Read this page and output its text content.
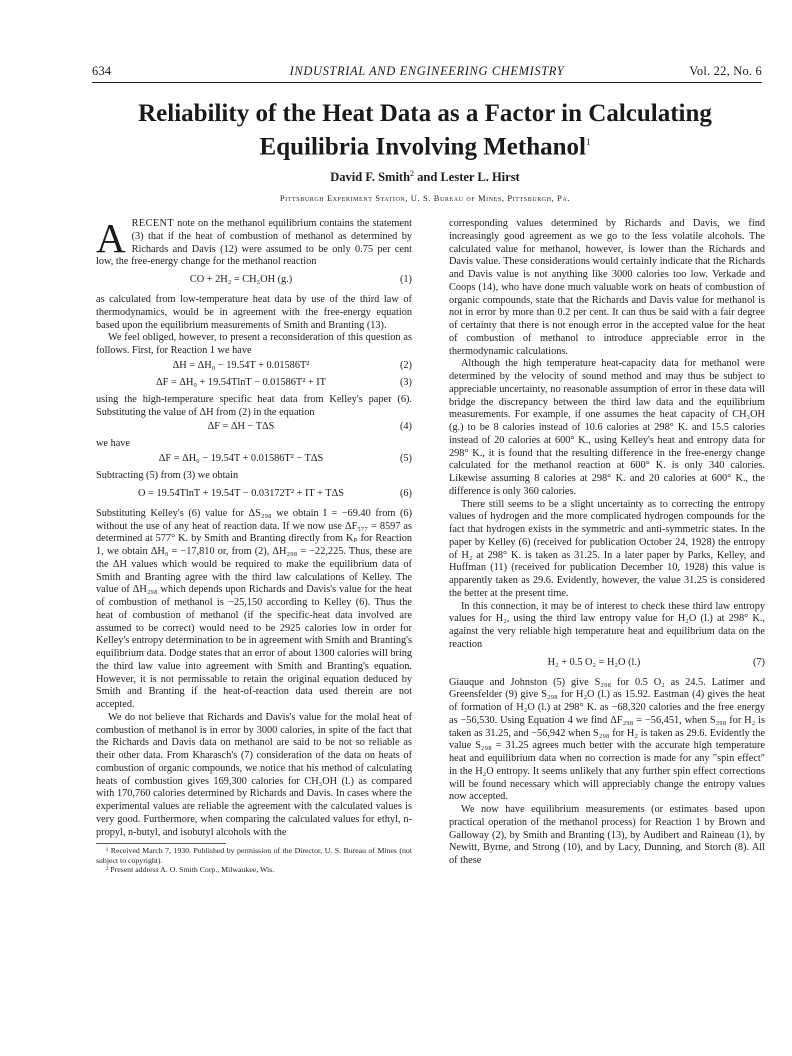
634	INDUSTRIAL AND ENGINEERING CHEMISTRY	Vol. 22, No. 6
Reliability of the Heat Data as a Factor in Calculating
Equilibria Involving Methanol$^1$
David F. Smith$^2$ and Lester L. Hirst
Pittsburgh Experiment Station, U. S. Bureau of Mines, Pittsburgh, Pa.

ARECENT note on the methanol equilibrium contains the statement (3) that if the heat of combustion of methanol as determined by Richards and Davis (12) were assumed to be only 0.75 per cent low, the free-energy change for the methanol reaction

CO + 2H₂ = CH₃OH (g.)	(1)

as calculated from low-temperature heat data by use of the third law of thermodynamics, would be in agreement with the free-energy equation based upon the equilibrium measurements of Smith and Branting (13).

We feel obliged, however, to present a reconsideration of this question as follows. First, for Reaction 1 we have

ΔH = ΔH₀ − 19.54T + 0.01586T²	(2)
ΔF = ΔH₀ + 19.54TlnT − 0.01586T² + IT	(3)

using the high-temperature specific heat data from Kelley's paper (6). Substituting the value of ΔH from (2) in the equation

ΔF = ΔH − TΔS	(4)

we have

ΔF = ΔH₀ − 19.54T + 0.01586T² − TΔS	(5)

Subtracting (5) from (3) we obtain

O = 19.54TlnT + 19.54T − 0.03172T² + IT + TΔS	(6)

Substituting Kelley's (6) value for ΔS₂₉₈ we obtain I = −69.40 from (6) without the use of any heat of reaction data. If we now use ΔF₅₇₇ = 8597 as determined at 577° K. by Smith and Branting directly from Kₚ for Reaction 1, we obtain ΔH₀ = −17,810 or, from (2), ΔH₂₉₈ = −22,225. Thus, these are the ΔH values which would be required to make the equilibrium data of Smith and Branting agree with the third law calculations of Kelley. The value of ΔH₂₉₈ which depends upon Richards and Davis's value for the heat of combustion of methanol is −25,150 according to Kelley (6). Thus the heat of combustion of methanol (if the specific-heat data involved are assumed to be correct) would need to be 2925 calories low in order for Kelley's entropy determination to be in agreement with Smith and Branting's equilibrium data. Dodge states that an error of about 1300 calories will bring the third law value into agreement with Smith and Branting's equation. However, it is not permissable to retain the original equation deduced by Smith and Branting if the heat-of-reaction data used therein are not accepted.

We do not believe that Richards and Davis's value for the molal heat of combustion of methanol is in error by 3000 calories, in spite of the fact that the Richards and Davis data on methanol are said to be not so reliable as their other data. From Kharasch's (7) consideration of the data on heats of combustion of organic compounds, we notice that his method of calculating heats of combustion gives 169,300 calories for CH₃OH (l.) as compared with 170,760 calories determined by Richards and Davis. In cases where the experimental values are reliable the agreement with the calculated values is very good. Furthermore, when comparing the calculated values for ethyl, n-propyl, n-butyl, and isobutyl alcohols with the

¹ Received March 7, 1930. Published by permission of the Director, U. S. Bureau of Mines (not subject to copyright).
² Present address A. O. Smith Corp., Milwaukee, Wis.

corresponding values determined by Richards and Davis, we find increasingly good agreement as we go to the less volatile alcohols. The calculated value for methanol, however, is lower than the Richards and Davis value. These considerations would certainly indicate that the Richards and Davis value is not anything like 3000 calories too low. Verkade and Coops (14), who have done much valuable work on heats of combustion of organic compounds, state that the Richards and Davis value for methanol is not in error by more than 0.2 per cent. It can thus be said with a fair degree of certainty that there is not enough error in the accepted value for the heat of combustion of methanol to introduce appreciable error in the thermodynamic calculations.

Although the high temperature heat-capacity data for methanol were determined by the velocity of sound method and may thus be subject to appreciable uncertainty, no reasonable assumption of error in these data will bridge the discrepancy between the third law data and the equilibrium measurements. For example, if one assumes the heat capacity of CH₃OH (g.) to be 8 calories instead of 10.6 calories at 298° K. and 15.5 calories instead of 20 calories at 600° K., using Kelley's heat and entropy data for 298° K., it is found that the resulting difference in the free-energy change calculated for the methanol reaction at 600° K. is only 340 calories. Likewise assuming 8 calories at 298° K. and 20 calories at 600° K., the difference is only 360 calories.

There still seems to be a slight uncertainty as to correcting the entropy values of hydrogen and the more complicated hydrogen compounds for the fact that hydrogen exists in the symmetric and anti-symmetric states. In the paper by Kelley (6) (received for publication October 24, 1928) the entropy of H₂ at 298° K. is taken as 31.25. In a later paper by Parks, Kelley, and Huffman (11) (received for publication December 10, 1928) this value is apparently taken as 29.6. Evidently, however, the value 31.25 is considered the better at the present time.

In this connection, it may be of interest to check these third law entropy values for H₂, using the third law entropy value for H₂O (l.) at 298° K., against the very reliable high temperature heat and equilibrium data on the reaction

H₂ + 0.5 O₂ = H₂O (l.)	(7)

Giauque and Johnston (5) give S₂₉₈ for 0.5 O₂ as 24.5. Latimer and Greensfelder (9) give S₂₉₈ for H₂O (l.) as 15.92. Eastman (4) gives the heat of formation of H₂O (l.) at 298° K. as −68,320 calories and the free energy as −56,530. Using Equation 4 we find ΔF₂₉₈ = −56,451, when S₂₉₈ for H₂ is taken as 31.25, and −56,942 when S₂₉₈ for H₂ is taken as 29.6. Evidently the value S₂₉₈ = 31.25 agrees much better with the accurate high temperature heat and equilibrium data when no correction is made for any "spin effect" in the H₂O entropy. It seems unlikely that any further spin effect corrections will be found necessary which will appreciably change the entropy values now accepted.

We now have equilibrium measurements (or estimates based upon practical operation of the methanol process) for Reaction 1 by Brown and Galloway (2), by Smith and Branting (13), by Audibert and Raineau (1), by Newitt, Byrne, and Strong (10), and by Lacy, Dunning, and Storch (8). All of these
